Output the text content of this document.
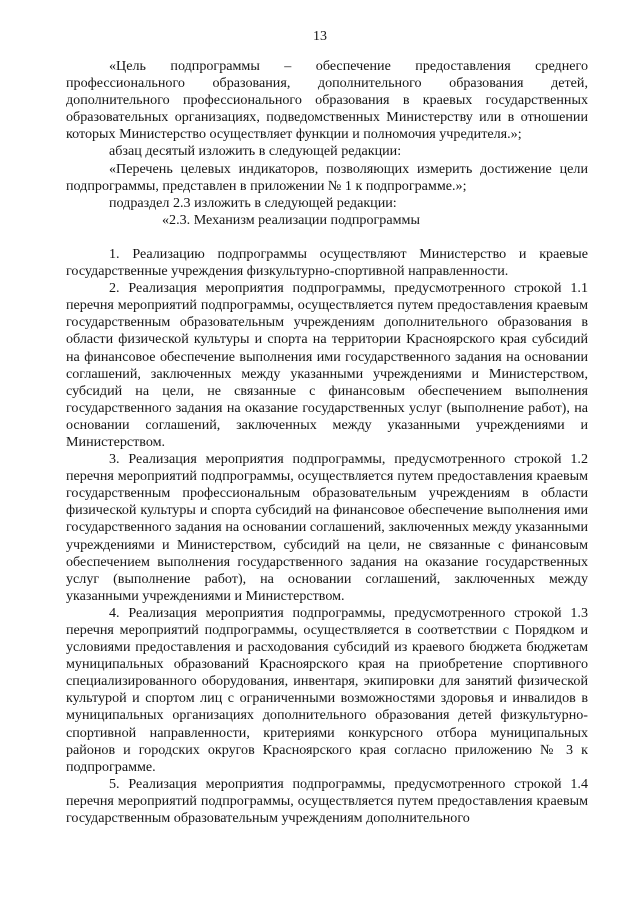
13

«Цель подпрограммы – обеспечение предоставления среднего профессионального образования, дополнительного образования детей, дополнительного профессионального образования в краевых государственных образовательных организациях, подведомственных Министерству или в отношении которых Министерство осуществляет функции и полномочия учредителя.»;

абзац десятый изложить в следующей редакции:

«Перечень целевых индикаторов, позволяющих измерить достижение цели подпрограммы, представлен в приложении № 1 к подпрограмме.»;

подраздел 2.3 изложить в следующей редакции:

«2.3. Механизм реализации подпрограммы

1. Реализацию подпрограммы осуществляют Министерство и краевые государственные учреждения физкультурно-спортивной направленности.

2. Реализация мероприятия подпрограммы, предусмотренного строкой 1.1 перечня мероприятий подпрограммы, осуществляется путем предоставления краевым государственным образовательным учреждениям дополнительного образования в области физической культуры и спорта на территории Красноярского края субсидий на финансовое обеспечение выполнения ими государственного задания на основании соглашений, заключенных между указанными учреждениями и Министерством, субсидий на цели, не связанные с финансовым обеспечением выполнения государственного задания на оказание государственных услуг (выполнение работ), на основании соглашений, заключенных между указанными учреждениями и Министерством.

3. Реализация мероприятия подпрограммы, предусмотренного строкой 1.2 перечня мероприятий подпрограммы, осуществляется путем предоставления краевым государственным профессиональным образовательным учреждениям в области физической культуры и спорта субсидий на финансовое обеспечение выполнения ими государственного задания на основании соглашений, заключенных между указанными учреждениями и Министерством, субсидий на цели, не связанные с финансовым обеспечением выполнения государственного задания на оказание государственных услуг (выполнение работ), на основании соглашений, заключенных между указанными учреждениями и Министерством.

4. Реализация мероприятия подпрограммы, предусмотренного строкой 1.3 перечня мероприятий подпрограммы, осуществляется в соответствии с Порядком и условиями предоставления и расходования субсидий из краевого бюджета бюджетам муниципальных образований Красноярского края на приобретение спортивного специализированного оборудования, инвентаря, экипировки для занятий физической культурой и спортом лиц с ограниченными возможностями здоровья и инвалидов в муниципальных организациях дополнительного образования детей физкультурно-спортивной направленности, критериями конкурсного отбора муниципальных районов и городских округов Красноярского края согласно приложению № 3 к подпрограмме.

5. Реализация мероприятия подпрограммы, предусмотренного строкой 1.4 перечня мероприятий подпрограммы, осуществляется путем предоставления краевым государственным образовательным учреждениям дополнительного
